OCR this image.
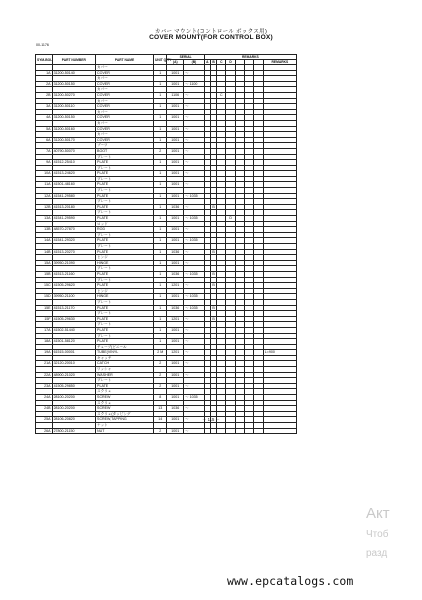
カバー マウント(コントロール ボックス用)
COVER MOUNT(FOR CONTROL BOX)
00-1176
SYM-BOL	PART NUMBER	PART NAME	UNIT Q.TY	SERIAL		REMARKS							
				(A)	(B)	A	B	C	D				REMARKS
		カバー											
1A	31200-50140	COVER	1	1001	～								
		カバー											
2A	31200-50150	COVER	1	1001	～ 1100								
		カバー											
2B	31200-50270	COVER	1	1106	～			C					
		カバー											
3A	31200-50110	COVER	1	1001	～								
		カバー											
4A	31200-50150	COVER	1	1001	～								
		カバー											
5A	31200-50160	COVER	1	1001	～								
		カバー											
6A	31200-50170	COVER	1	1001	～								
		ブーツ											
7A	40790-50070	BOOT	2	1001	～								
		プレート											
9A	41512-25410	PLATE	1	1001	～								
		プレート											
10A	41513-24620	PLATE	1	1001	～								
		プレート											
11A	41501-48160	PLATE	1	1001	～								
		プレート											
12A	41541-29580	PLATE	1	1001	～ 1035								
		プレート											
12B	41513-20180	PLATE	1	1036	～		B						
		プレート											
13A	41541-29590	PLATE	1	1001	～ 1035				D				
		ロッド											
13B	48570-27870	ROD	1	1001	～								
		プレート											
14A	41541-29320	PLATE	1	1001	～ 1035								
		プレート											
14B	41513-20270	PLATE	1	1036	～		B						
		ヒンジ											
15A	39950-21090	HINGE	1	1001	～								
		プレート											
15B	41513-21160	PLATE	1	1036	～ 1035		B						
		プレート											
15C	41505-29620	PLATE	1	1201	～		B						
		ヒンジ											
15D	39950-21100	HINGE	1	1001	～ 1035								
		プレート											
15E	41513-21170	PLATE	1	1036	～ 1035		B						
		プレート											
15F	41505-29630	PLATE	1	1201	～		B						
		プレート											
17A	41502-51440	PLATE	1	1001	～								
		プレート											
18A	41501-58120	PLATE	1	1001	～								
		チューブ(ビニール											
19A	61515-00001	TUBE(VINYL	2 M	1201	～								L=900
		キャッチ											
21A	32120-20010	CATCH	2	1001	～								
		ワッシャ											
22A	48900-21020	WASHER	2	1001	～								
		プレート											
23A	41505-29850	PLATE	2	1001	～								
		スクリュ											
24A	28100-20200	SCREW	8	1001	～ 1035								
		スクリュ											
24B	28100-20200	SCREW	13	1036	～								
		スクリュ(タッピング											
25A	28106-20820	SCREW,TAPPING	14	1001	～								
		ナット											
26A	27800-21150	NUT	2	1001	～								
－ 115 －
Акт
Чтоб
разд
www.epcatalogs.com
